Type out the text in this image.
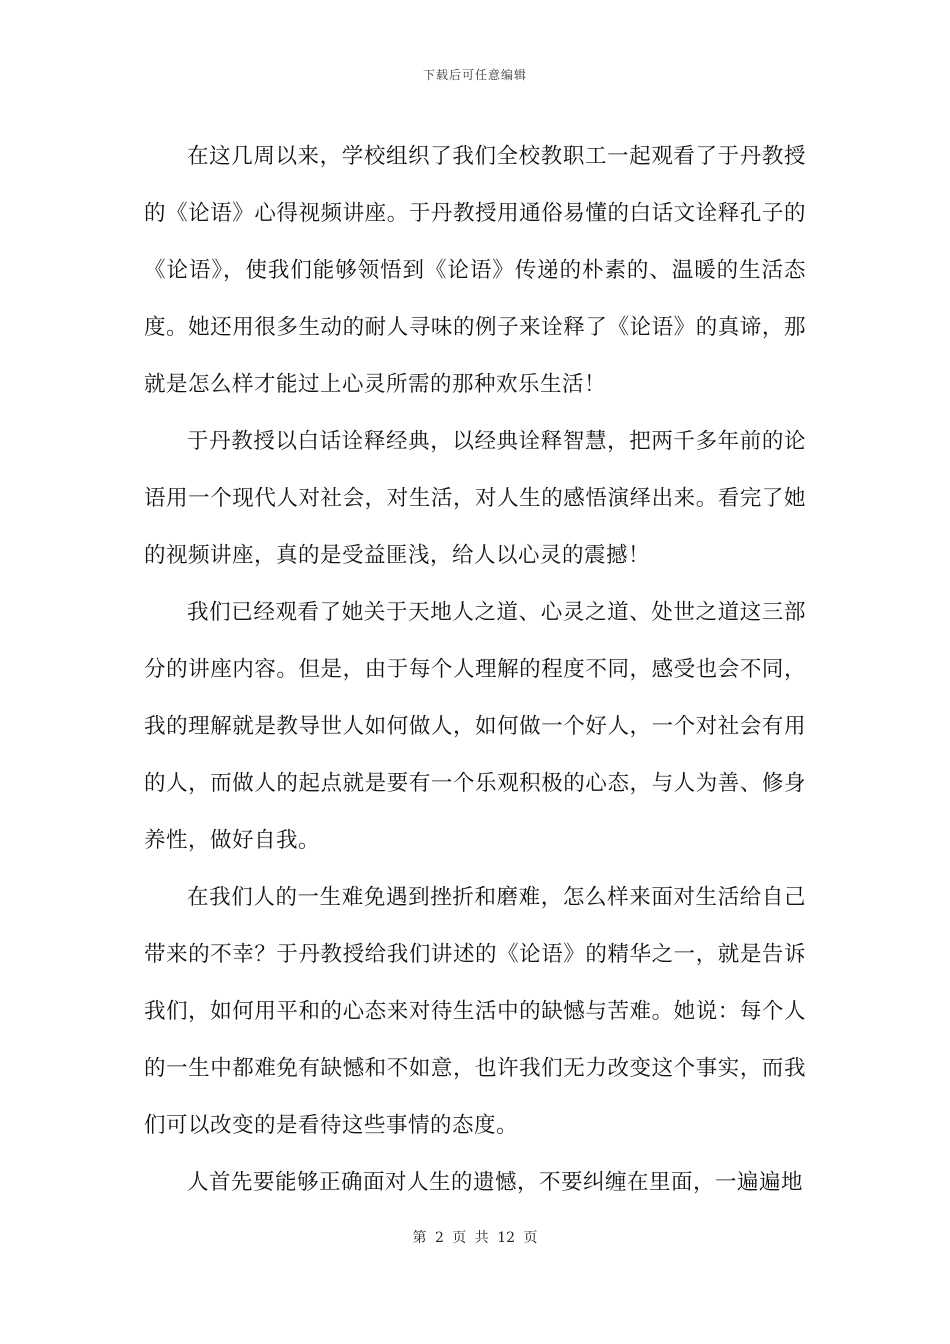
下载后可任意编辑

在这几周以来，学校组织了我们全校教职工一起观看了于丹教授的《论语》心得视频讲座。于丹教授用通俗易懂的白话文诠释孔子的《论语》，使我们能够领悟到《论语》传递的朴素的、温暖的生活态度。她还用很多生动的耐人寻味的例子来诠释了《论语》的真谛，那就是怎么样才能过上心灵所需的那种欢乐生活！

于丹教授以白话诠释经典，以经典诠释智慧，把两千多年前的论语用一个现代人对社会，对生活，对人生的感悟演绎出来。看完了她的视频讲座，真的是受益匪浅，给人以心灵的震撼！

我们已经观看了她关于天地人之道、心灵之道、处世之道这三部分的讲座内容。但是，由于每个人理解的程度不同，感受也会不同，我的理解就是教导世人如何做人，如何做一个好人，一个对社会有用的人，而做人的起点就是要有一个乐观积极的心态，与人为善、修身养性，做好自我。

在我们人的一生难免遇到挫折和磨难，怎么样来面对生活给自己带来的不幸？于丹教授给我们讲述的《论语》的精华之一，就是告诉我们，如何用平和的心态来对待生活中的缺憾与苦难。她说：每个人的一生中都难免有缺憾和不如意，也许我们无力改变这个事实，而我们可以改变的是看待这些事情的态度。

人首先要能够正确面对人生的遗憾，不要纠缠在里面，一遍遍地

第 2 页 共 12 页
